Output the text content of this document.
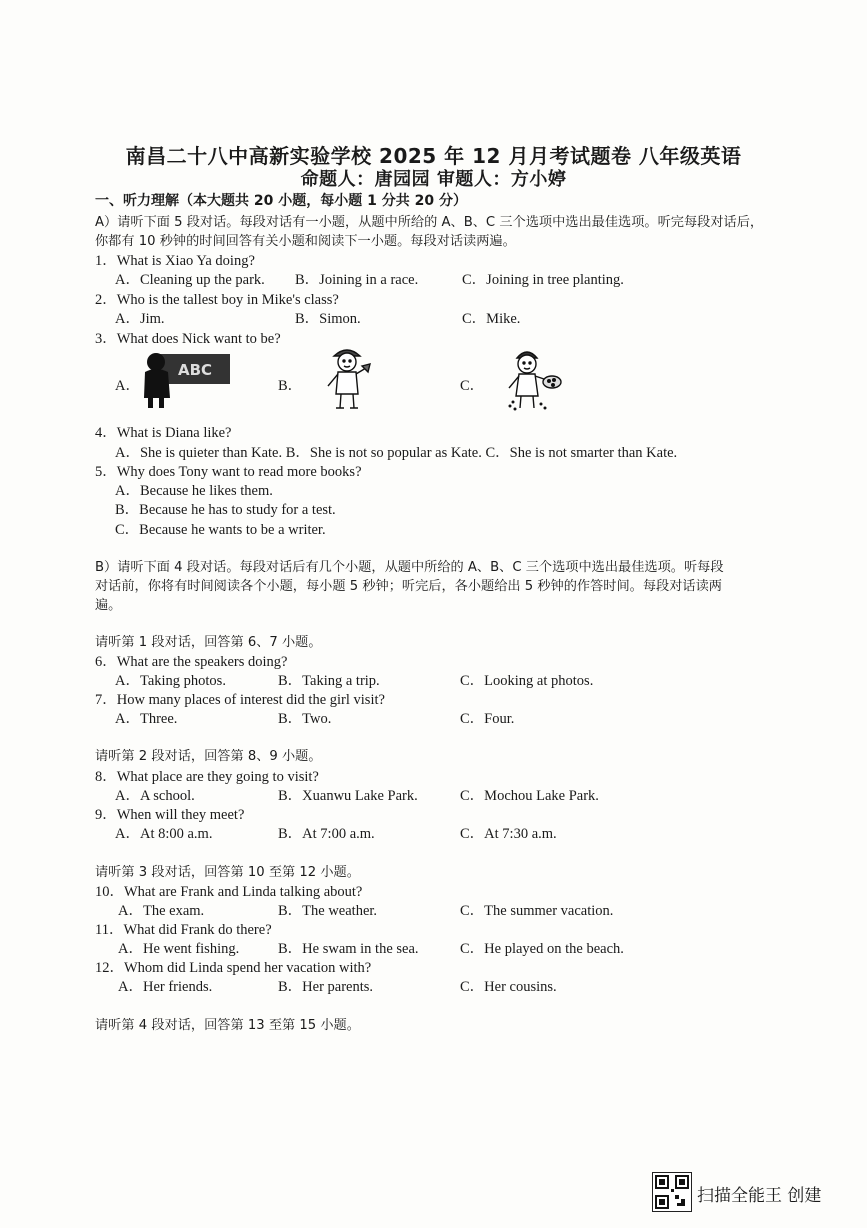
南昌二十八中高新实验学校 2025 年 12 月月考试题卷 八年级英语
命题人：唐园园 审题人：方小婷
一、听力理解（本大题共 20 小题，每小题 1 分共 20 分）
A）请听下面 5 段对话。每段对话有一小题，从题中所给的 A、B、C 三个选项中选出最佳选项。听完每段对话后，
你都有 10 秒钟的时间回答有关小题和阅读下一小题。每段对话读两遍。
1．What is Xiao Ya doing?
A．Cleaning up the park. B．Joining in a race.	C．Joining in tree planting.
2．Who is the tallest boy in Mike's class?
A．Jim.	B．Simon.	C．Mike.
3．What does Nick want to be?
A．
ABC
B．	C．
4．What is Diana like?
A．She is quieter than Kate. B．She is not so popular as Kate. C．She is not smarter than Kate.
5．Why does Tony want to read more books?
A．Because he likes them.
B．Because he has to study for a test.
C．Because he wants to be a writer.
B）请听下面 4 段对话。每段对话后有几个小题，从题中所给的 A、B、C 三个选项中选出最佳选项。听每段
对话前，你将有时间阅读各个小题，每小题 5 秒钟；听完后，各小题给出 5 秒钟的作答时间。每段对话读两
遍。
请听第 1 段对话，回答第 6、7 小题。
6．What are the speakers doing?
A．Taking photos.	B．Taking a trip.	C．Looking at photos.
7．How many places of interest did the girl visit?
A．Three.	B．Two.	C．Four.
请听第 2 段对话，回答第 8、9 小题。
8．What place are they going to visit?
A．A school.	B．Xuanwu Lake Park.	C．Mochou Lake Park.
9．When will they meet?
A．At 8:00 a.m.	B．At 7:00 a.m.	C．At 7:30 a.m.
请听第 3 段对话，回答第 10 至第 12 小题。
10．What are Frank and Linda talking about?
A．The exam.	B．The weather.	C．The summer vacation.
11．What did Frank do there?
A．He went fishing.	B．He swam in the sea.	C．He played on the beach.
12．Whom did Linda spend her vacation with?
A．Her friends.	B．Her parents.	C．Her cousins.
请听第 4 段对话，回答第 13 至第 15 小题。
扫描全能王 创建
